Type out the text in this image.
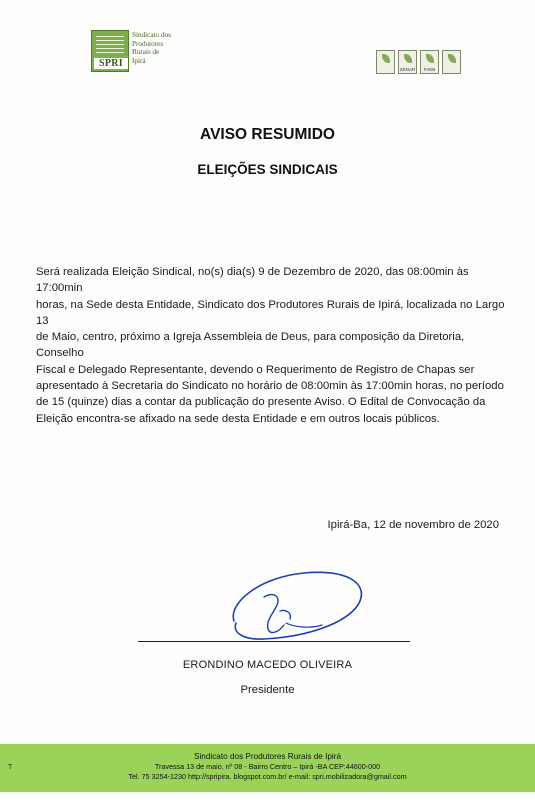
SPRI
Sindicato dos
Produtores
Rurais de
Ipirá
SENAR FAEB
AVISO RESUMIDO
ELEIÇÕES SINDICAIS
Será realizada Eleição Sindical, no(s) dia(s) 9 de Dezembro de 2020, das 08:00min às 17:00min
horas, na Sede desta Entidade, Sindicato dos Produtores Rurais de Ipirá, localizada no Largo 13
de Maio, centro, próximo a Igreja Assembleia de Deus, para composição da Diretoria, Conselho
Fiscal e Delegado Representante, devendo o Requerimento de Registro de Chapas ser
apresentado à Secretaria do Sindicato no horário de 08:00min às 17:00min horas, no período
de 15 (quinze) dias a contar da publicação do presente Aviso. O Edital de Convocação da
Eleição encontra-se afixado na sede desta Entidade e em outros locais públicos.
Ipirá-Ba, 12 de novembro de 2020
ERONDINO MACEDO OLIVEIRA
Presidente
Sindicato dos Produtores Rurais de Ipirá
Travessa 13 de maio, nº 08 - Bairro Centro – Ipirá -BA CEP:44600-000
Tel. 75 3254-1230 http://spripira. blogspot.com.br/ e-mail: spri.mobilizadora@gmail.com
T
